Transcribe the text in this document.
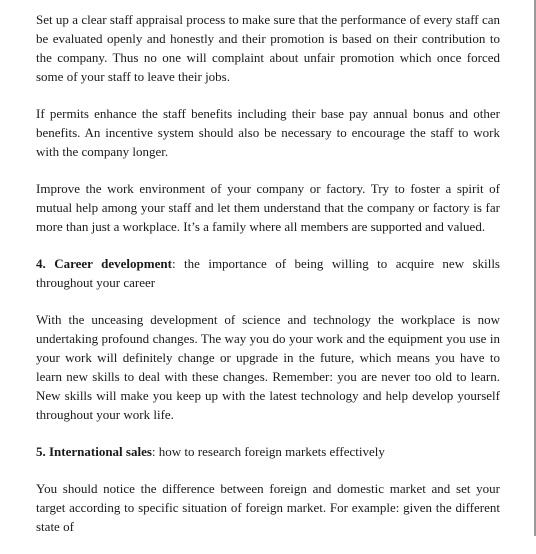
Set up a clear staff appraisal process to make sure that the performance of every staff can be evaluated openly and honestly and their promotion is based on their contribution to the company. Thus no one will complaint about unfair promotion which once forced some of your staff to leave their jobs.

If permits enhance the staff benefits including their base pay annual bonus and other benefits. An incentive system should also be necessary to encourage the staff to work with the company longer.

Improve the work environment of your company or factory. Try to foster a spirit of mutual help among your staff and let them understand that the company or factory is far more than just a workplace. It’s a family where all members are supported and valued.

4. Career development: the importance of being willing to acquire new skills throughout your career

With the unceasing development of science and technology the workplace is now undertaking profound changes. The way you do your work and the equipment you use in your work will definitely change or upgrade in the future, which means you have to learn new skills to deal with these changes. Remember: you are never too old to learn. New skills will make you keep up with the latest technology and help develop yourself throughout your work life.

5. International sales: how to research foreign markets effectively

You should notice the difference between foreign and domestic market and set your target according to specific situation of foreign market. For example: given the different state of
